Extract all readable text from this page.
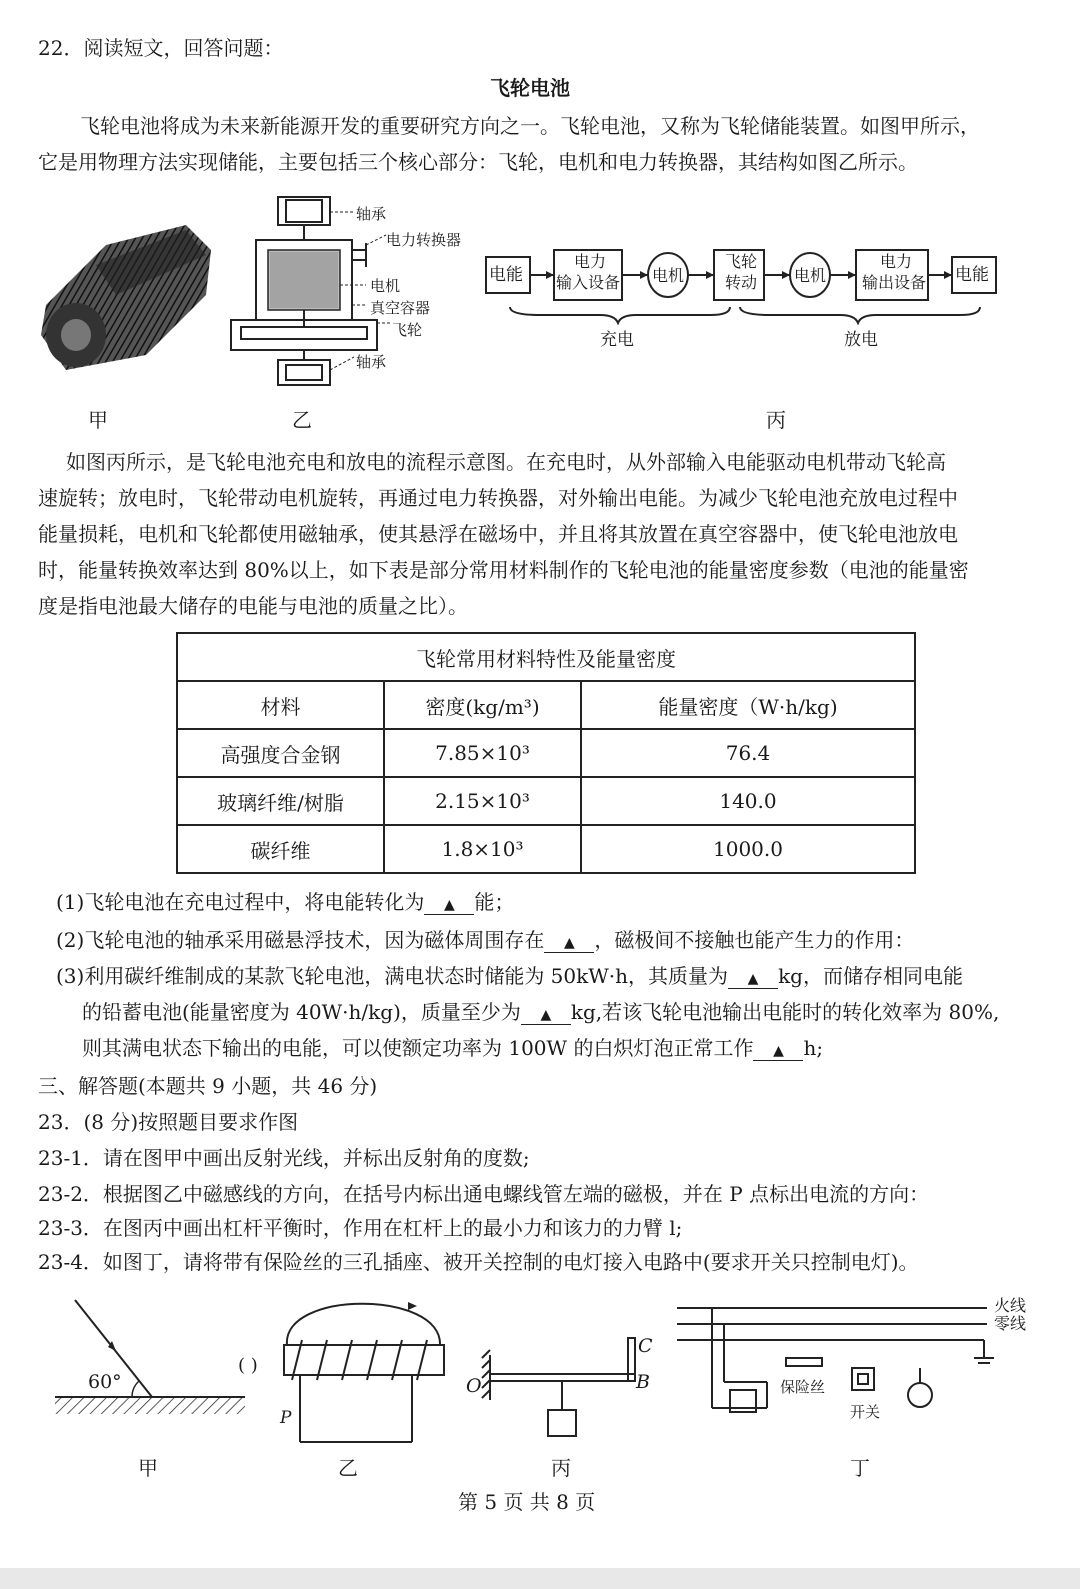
22．阅读短文，回答问题：
飞轮电池
飞轮电池将成为未来新能源开发的重要研究方向之一。飞轮电池，又称为飞轮储能装置。如图甲所示，
它是用物理方法实现储能，主要包括三个核心部分：飞轮，电机和电力转换器，其结构如图乙所示。
轴承
电力转换器
电机
真空容器
飞轮
轴承
电能
电力
输入设备 电机
飞轮
转动 电机
电力
输出设备 电能
充电	放电
甲	乙	丙
如图丙所示，是飞轮电池充电和放电的流程示意图。在充电时，从外部输入电能驱动电机带动飞轮高
速旋转；放电时，飞轮带动电机旋转，再通过电力转换器，对外输出电能。为减少飞轮电池充放电过程中
能量损耗，电机和飞轮都使用磁轴承，使其悬浮在磁场中，并且将其放置在真空容器中，使飞轮电池放电
时，能量转换效率达到 80%以上，如下表是部分常用材料制作的飞轮电池的能量密度参数（电池的能量密
度是指电池最大储存的电能与电池的质量之比）。
飞轮常用材料特性及能量密度		
材料	密度(kg/m³)	能量密度（W·h/kg)
高强度合金钢	7.85×10³	76.4
玻璃纤维/树脂	2.15×10³	140.0
碳纤维	1.8×10³	1000.0
(1)飞轮电池在充电过程中，将电能转化为 ▲ 能；
(2)飞轮电池的轴承采用磁悬浮技术，因为磁体周围存在 ▲ ，磁极间不接触也能产生力的作用：
(3)利用碳纤维制成的某款飞轮电池，满电状态时储能为 50kW·h，其质量为 ▲ kg，而储存相同电能
的铅蓄电池(能量密度为 40W·h/kg)，质量至少为 ▲ kg,若该飞轮电池输出电能时的转化效率为 80%,
则其满电状态下输出的电能，可以使额定功率为 100W 的白炽灯泡正常工作 ▲ h;
三、解答题(本题共 9 小题，共 46 分)
23．(8 分)按照题目要求作图
23-1．请在图甲中画出反射光线，并标出反射角的度数;
23-2．根据图乙中磁感线的方向，在括号内标出通电螺线管左端的磁极，并在 P 点标出电流的方向：
23-3．在图丙中画出杠杆平衡时，作用在杠杆上的最小力和该力的力臂 l;
23-4．如图丁，请将带有保险丝的三孔插座、被开关控制的电灯接入电路中(要求开关只控制电灯)。
60°
( )
P
O	B
C
火线
零线
保险丝
开关
甲	乙	丙	丁
第 5 页 共 8 页
